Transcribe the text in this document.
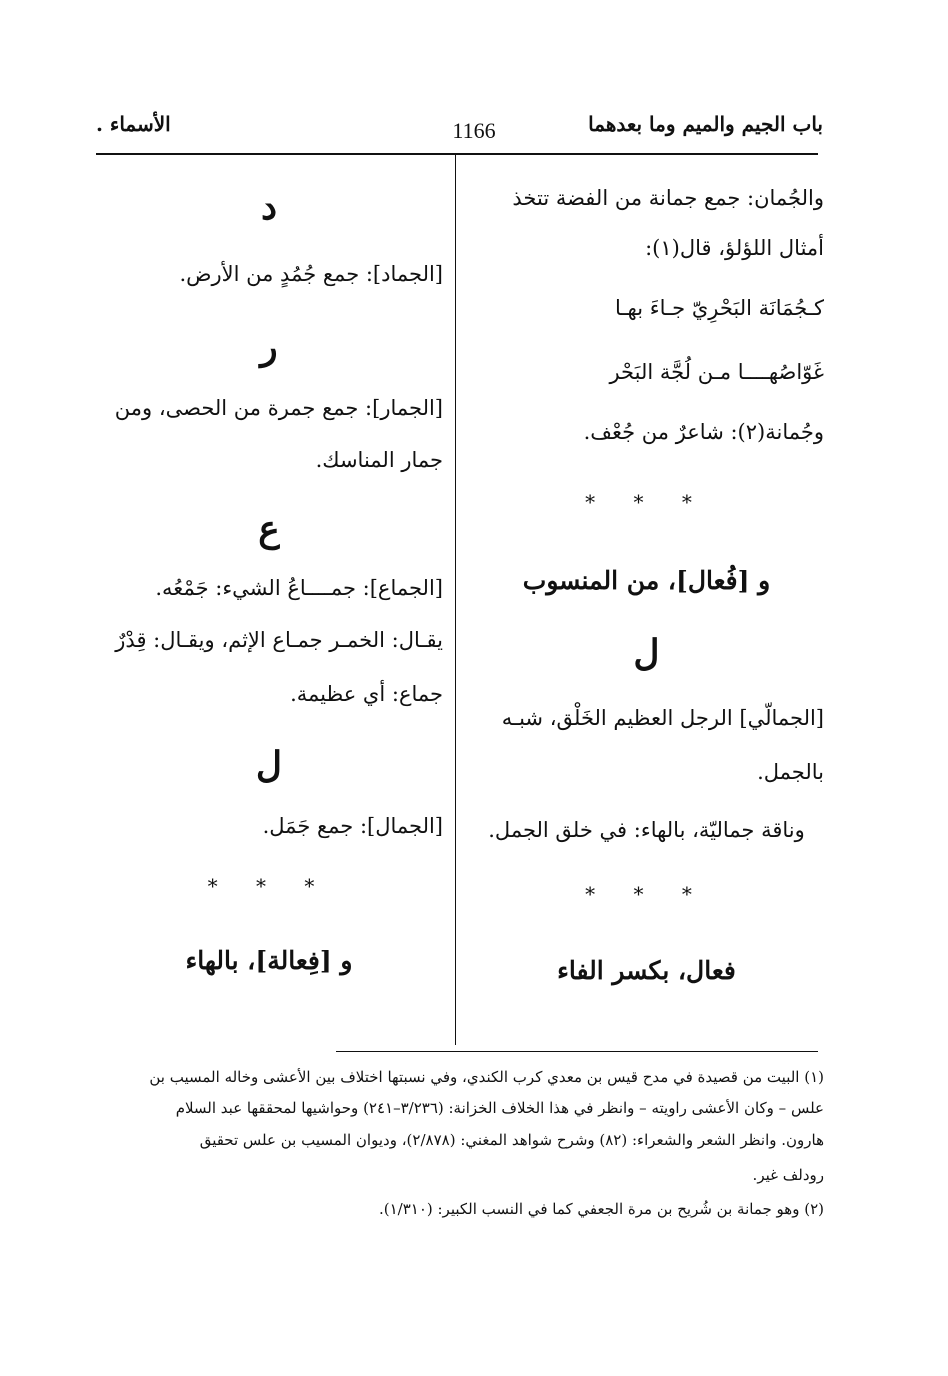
باب الجيم والميم وما بعدهما
1166
الأسماء .
والجُمان: جمع جمانة من الفضة تتخذ
أمثال اللؤلؤ، قال(١):
كـجُمَانَة البَحْرِيّ جـاءَ بهـا
غَوّاصُهــــا مـن لُجَّة البَحْر
وجُمانة(٢): شاعرٌ من جُعْف.
* * *
و [فُعال]، من المنسوب
ل
[الجمالّي] الرجل العظيم الخَلْق، شبـه
بالجمل.
وناقة جماليّة، بالهاء: في خلق الجمل.
* * *
فعال، بكسر الفاء
د
[الجماد]: جمع جُمُدٍ من الأرض.
ر
[الجمار]: جمع جمرة من الحصى، ومن
جمار المناسك.
ع
[الجماع]: جمــــاعُ الشيء: جَمْعُه.
يقـال: الخمـر جمـاع الإثم، ويقـال: قِدْرٌ
جماع: أي عظيمة.
ل
[الجمال]: جمع جَمَل.
* * *
و [فِعالة]، بالهاء
(١) البيت من قصيدة في مدح قيس بن معدي كرب الكندي، وفي نسبتها اختلاف بين الأعشى وخاله المسيب بن
علس – وكان الأعشى راويته – وانظر في هذا الخلاف الخزانة: (٣/٢٣٦–٢٤١) وحواشيها لمحققها عبد السلام
هارون. وانظر الشعر والشعراء: (٨٢) وشرح شواهد المغني: (٢/٨٧٨)، وديوان المسيب بن علس تحقيق
رودلف غير.
(٢) وهو جمانة بن شُريح بن مرة الجعفي كما في النسب الكبير: (١/٣١٠).
